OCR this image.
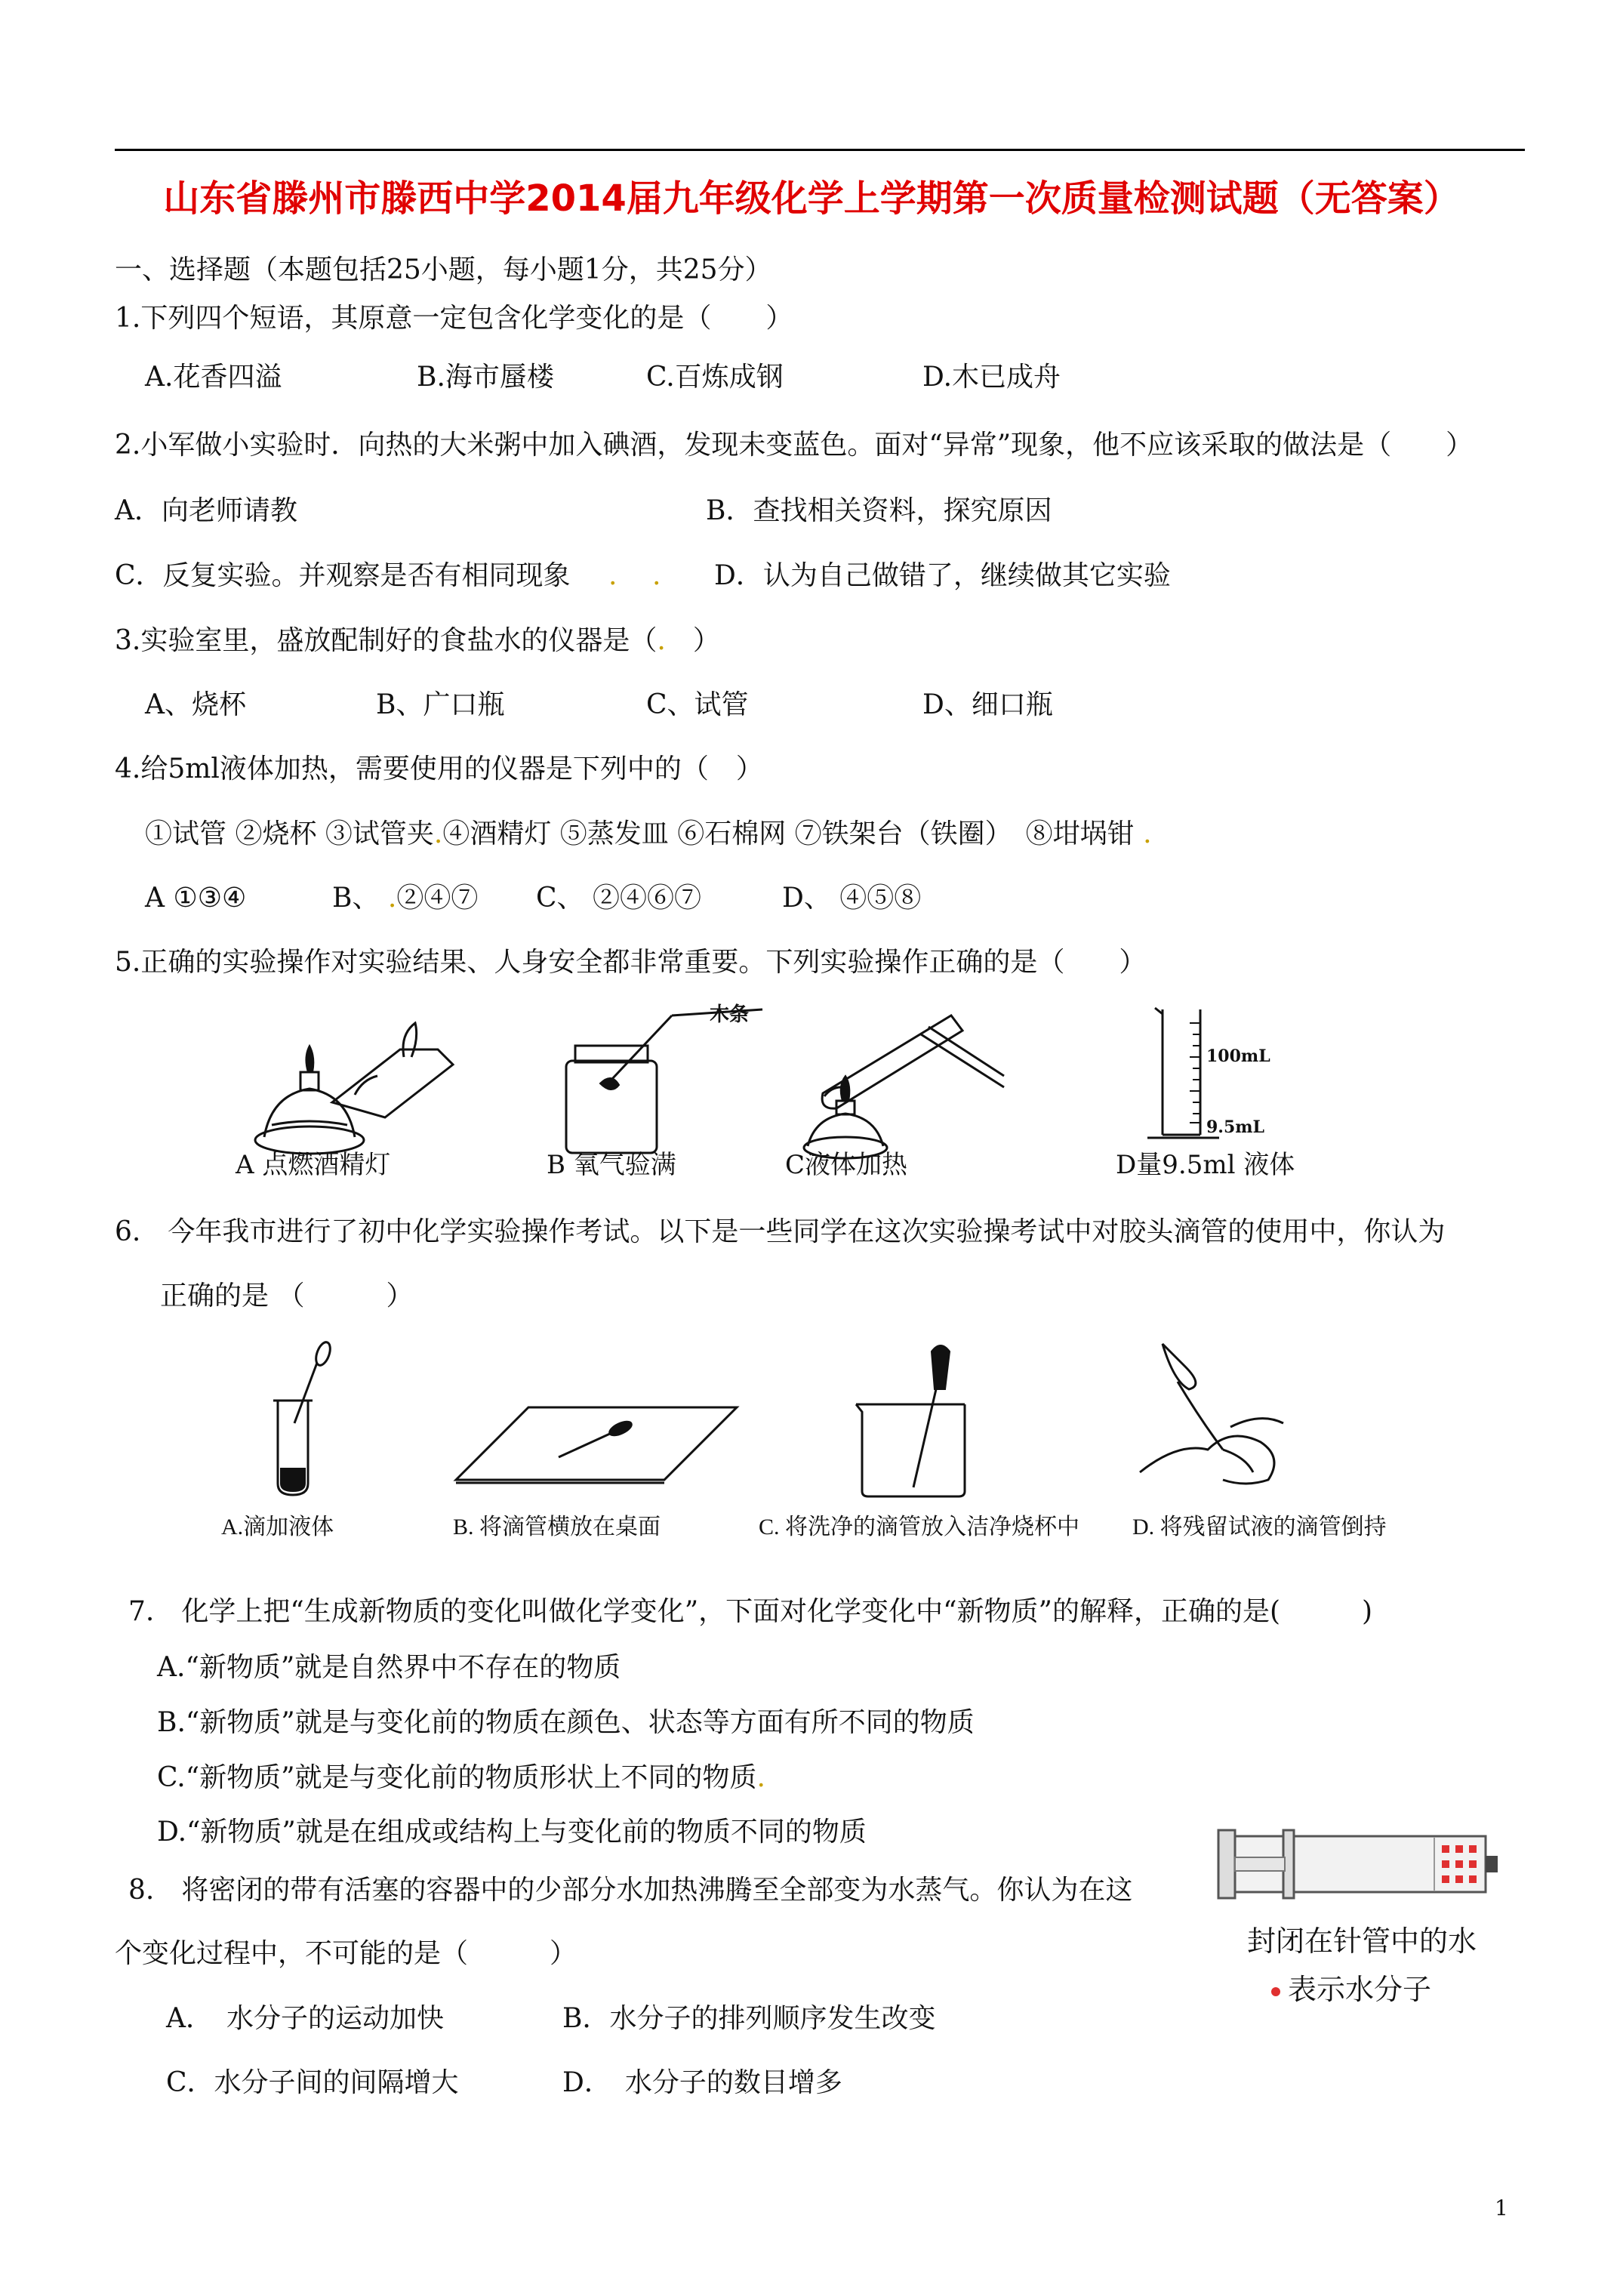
山东省滕州市滕西中学2014届九年级化学上学期第一次质量检测试题（无答案）
一、选择题（本题包括25小题，每小题1分，共25分）
1.下列四个短语，其原意一定包含化学变化的是（　　）
A.花香四溢	B.海市蜃楼	C.百炼成钢	D.木已成舟
2.小军做小实验时．向热的大米粥中加入碘酒，发现未变蓝色。面对“异常”现象，他不应该采取的做法是（　　）
A．向老师请教	B．查找相关资料，探究原因
C．反复实验。并观察是否有相同现象 . . D．认为自己做错了，继续做其它实验
3.实验室里，盛放配制好的食盐水的仪器是（.　）
A、烧杯	B、广口瓶	C、试管	D、细口瓶
4.给5ml液体加热，需要使用的仪器是下列中的（　）
①试管 ②烧杯 ③试管夹.④酒精灯 ⑤蒸发皿 ⑥石棉网 ⑦铁架台（铁圈）　⑧坩埚钳 .
A ①③④	B、 .②④⑦ C、 ②④⑥⑦	D、 ④⑤⑧
5.正确的实验操作对实验结果、人身安全都非常重要。下列实验操作正确的是（　　）
A 点燃酒精灯
木条
B 氧气验满	C液体加热
100mL
9.5mL
D量9.5ml 液体
6.　今年我市进行了初中化学实验操作考试。以下是一些同学在这次实验操考试中对胶头滴管的使用中，你认为
正确的是 （　　　）
A.滴加液体	B. 将滴管横放在桌面	C. 将洗净的滴管放入洁净烧杯中 D. 将残留试液的滴管倒持
7.　化学上把“生成新物质的变化叫做化学变化”，下面对化学变化中“新物质”的解释，正确的是(　　　)
A.“新物质”就是自然界中不存在的物质
B.“新物质”就是与变化前的物质在颜色、状态等方面有所不同的物质
C.“新物质”就是与变化前的物质形状上不同的物质.
D.“新物质”就是在组成或结构上与变化前的物质不同的物质
封闭在针管中的水
表示水分子
8.　将密闭的带有活塞的容器中的少部分水加热沸腾至全部变为水蒸气。你认为在这
个变化过程中，不可能的是（　　　）
A．　水分子的运动加快	B．水分子的排列顺序发生改变
C．水分子间的间隔增大	D．　水分子的数目增多
1
